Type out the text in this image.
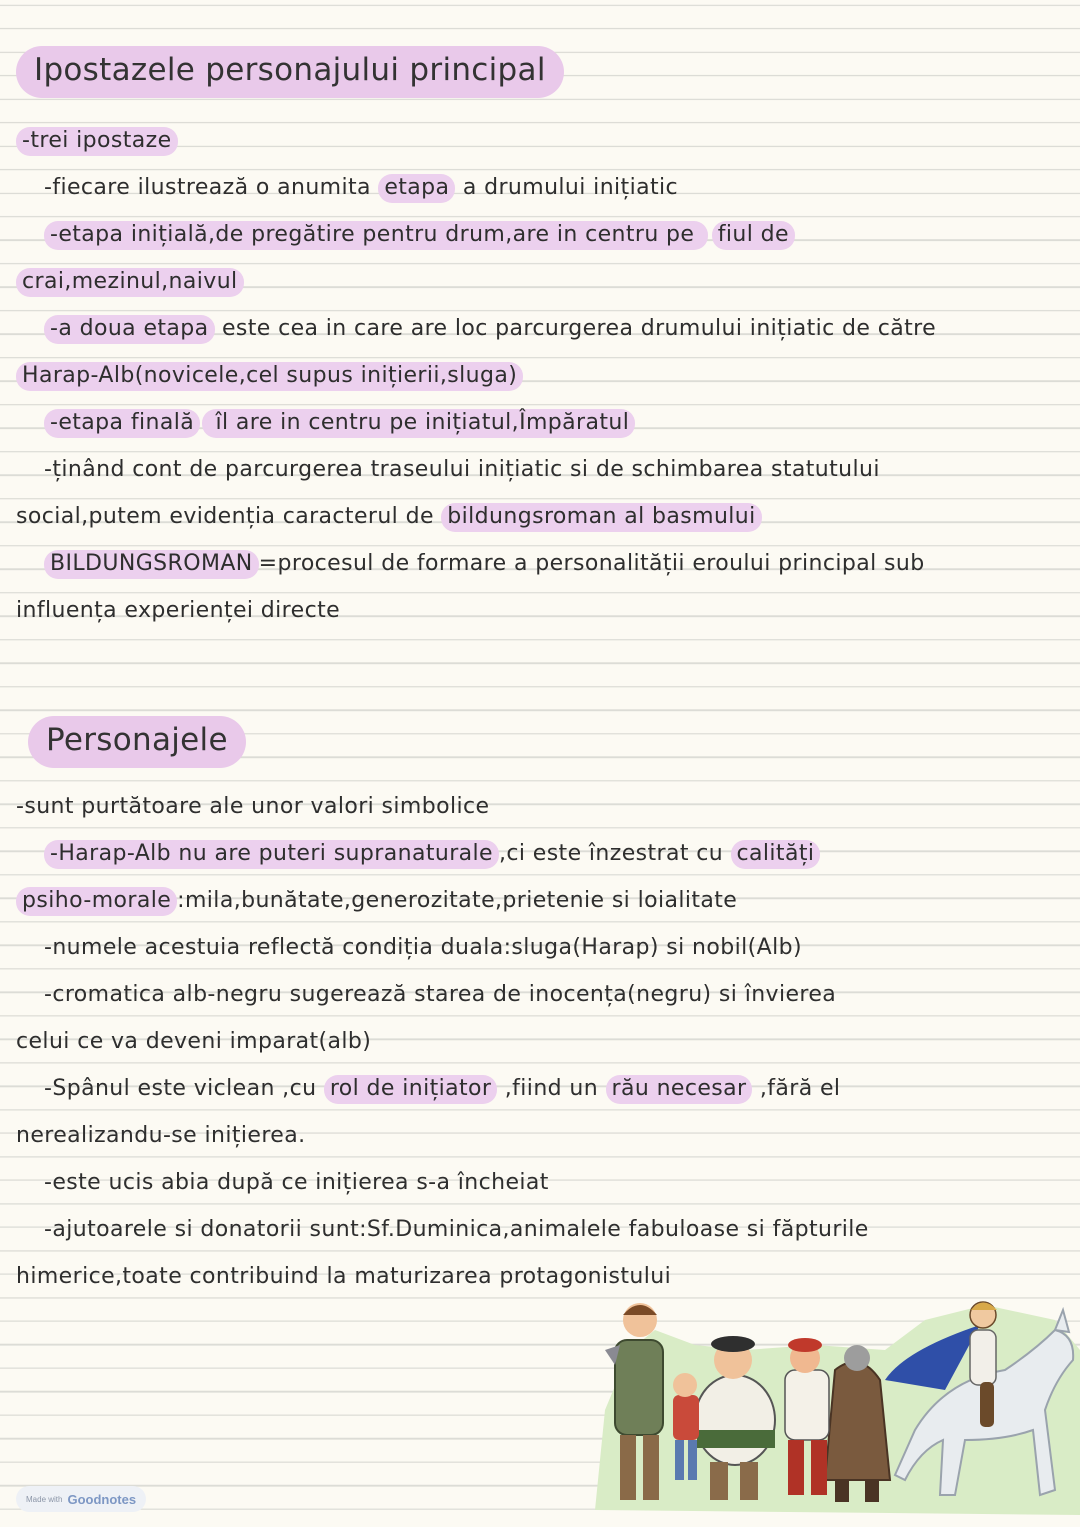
Ipostazele personajului principal
-trei ipostaze
-fiecare ilustrează o anumita etapa a drumului inițiatic
-etapa inițială,de pregătire pentru drum,are in centru pe fiul de
crai,mezinul,naivul
-a doua etapa este cea in care are loc parcurgerea drumului inițiatic de către
Harap-Alb(novicele,cel supus inițierii,sluga)
-etapa finală îl are in centru pe inițiatul,Împăratul
-ținând cont de parcurgerea traseului inițiatic si de schimbarea statutului
social,putem evidenția caracterul de bildungsroman al basmului
BILDUNGSROMAN =procesul de formare a personalității eroului principal sub
influența experienței directe
Personajele
-sunt purtătoare ale unor valori simbolice
-Harap-Alb nu are puteri supranaturale ,ci este înzestrat cu calități
psiho-morale :mila,bunătate,generozitate,prietenie si loialitate
-numele acestuia reflectă condiția duala:sluga(Harap) si nobil(Alb)
-cromatica alb-negru sugerează starea de inocența(negru) si învierea
celui ce va deveni imparat(alb)
-Spânul este viclean ,cu rol de inițiator ,fiind un rău necesar ,fără el
nerealizandu-se inițierea.
-este ucis abia după ce inițierea s-a încheiat
-ajutoarele si donatorii sunt:Sf.Duminica,animalele fabuloase si făpturile
himerice,toate contribuind la maturizarea protagonistului
Made with Goodnotes
